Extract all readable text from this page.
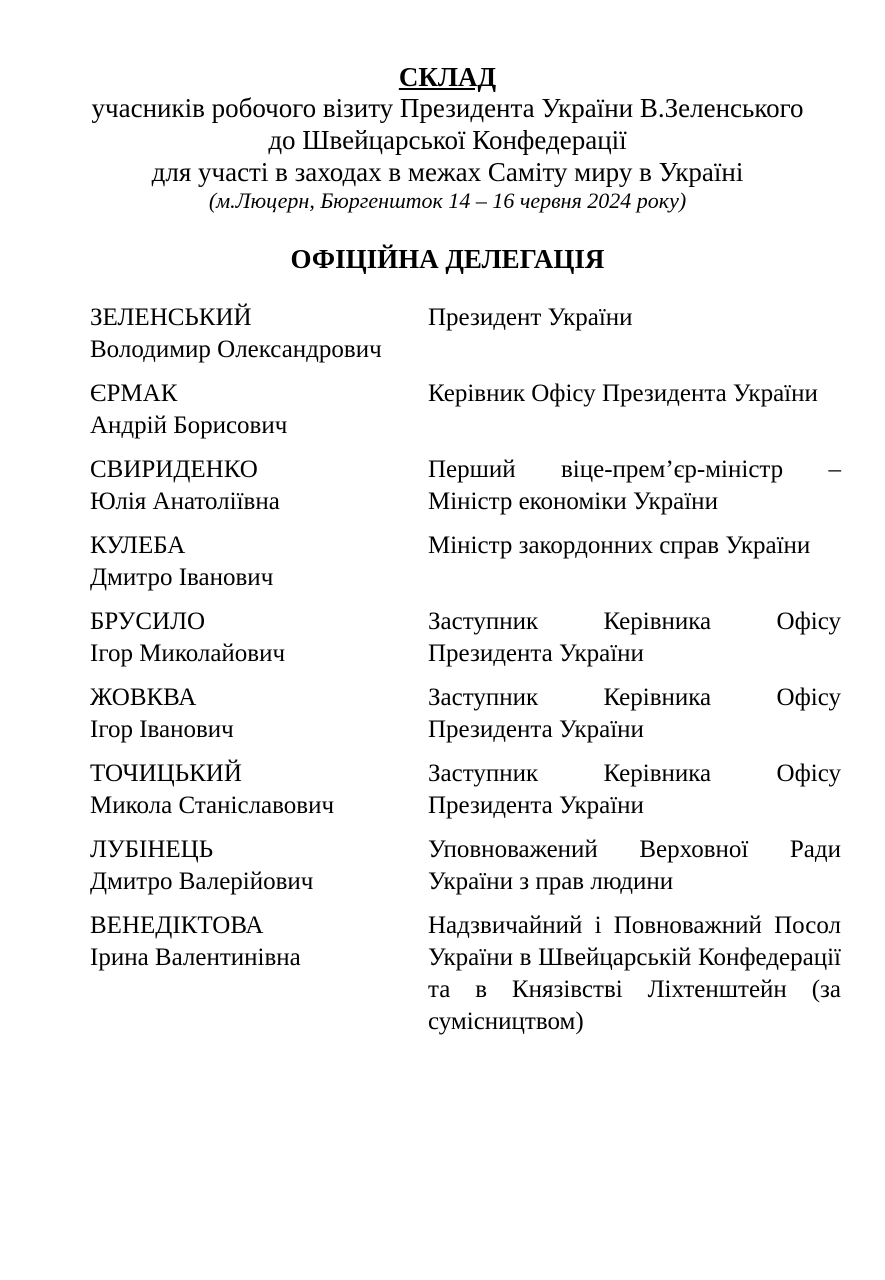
СКЛАД
учасників робочого візиту Президента України В.Зеленського
до Швейцарської Конфедерації
для участі в заходах в межах Саміту миру в Україні
(м.Люцерн, Бюргеншток 14 – 16 червня 2024 року)
ОФІЦІЙНА ДЕЛЕГАЦІЯ
ЗЕЛЕНСЬКИЙ
Володимир Олександрович
Президент України
ЄРМАК
Андрій Борисович
Керівник Офісу Президента України
СВИРИДЕНКО
Юлія Анатоліївна
Перший віце-прем’єр-міністр – Міністр економіки України
КУЛЕБА
Дмитро Іванович
Міністр закордонних справ України
БРУСИЛО
Ігор Миколайович
Заступник Керівника Офісу Президента України
ЖОВКВА
Ігор Іванович
Заступник Керівника Офісу Президента України
ТОЧИЦЬКИЙ
Микола Станіславович
Заступник Керівника Офісу Президента України
ЛУБІНЕЦЬ
Дмитро Валерійович
Уповноважений Верховної Ради України з прав людини
ВЕНЕДІКТОВА
Ірина Валентинівна
Надзвичайний і Повноважний Посол України в Швейцарській Конфедерації та в Князівстві Ліхтенштейн (за сумісництвом)
